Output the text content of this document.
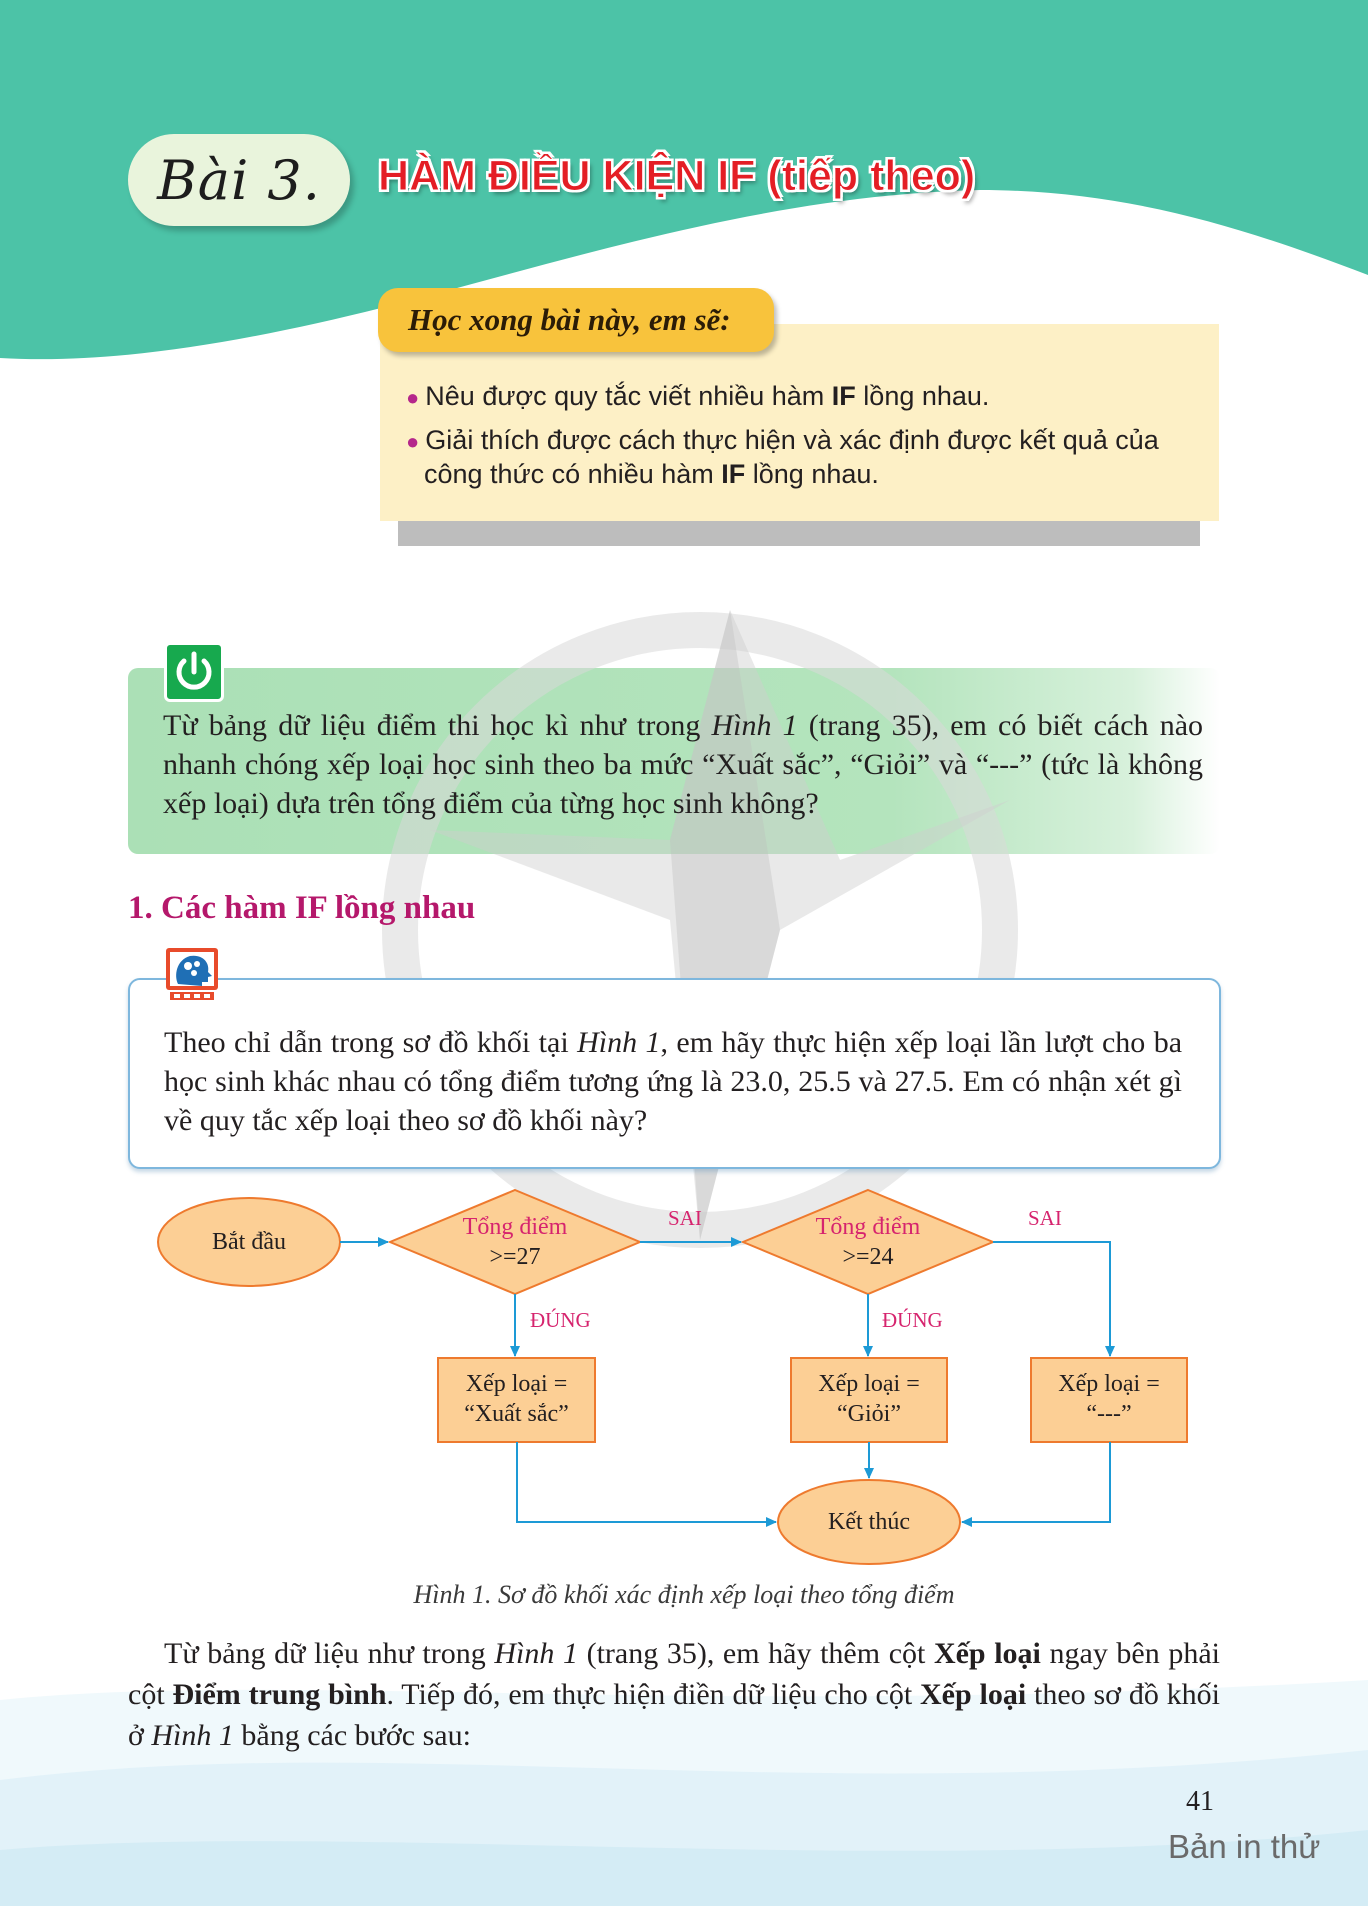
Bài 3. HÀM ĐIỀU KIỆN IF (tiếp theo)
Học xong bài này, em sẽ:
● Nêu được quy tắc viết nhiều hàm IF lồng nhau.
● Giải thích được cách thực hiện và xác định được kết quả của công thức có nhiều hàm IF lồng nhau.
Từ bảng dữ liệu điểm thi học kì như trong Hình 1 (trang 35), em có biết cách nào nhanh chóng xếp loại học sinh theo ba mức “Xuất sắc”, “Giỏi” và “---” (tức là không xếp loại) dựa trên tổng điểm của từng học sinh không?
1. Các hàm IF lồng nhau
Theo chỉ dẫn trong sơ đồ khối tại Hình 1, em hãy thực hiện xếp loại lần lượt cho ba học sinh khác nhau có tổng điểm tương ứng là 23.0, 25.5 và 27.5. Em có nhận xét gì về quy tắc xếp loại theo sơ đồ khối này?
Bắt đầu
Tổng điểm
>=27
Tổng điểm
>=24
SAI	SAI
ĐÚNG	ĐÚNG
Xếp loại =
“Xuất sắc”
Xếp loại =
“Giỏi”
Xếp loại =
“---”
Kết thúc
Hình 1. Sơ đồ khối xác định xếp loại theo tổng điểm
Từ bảng dữ liệu như trong Hình 1 (trang 35), em hãy thêm cột Xếp loại ngay bên phải cột Điểm trung bình. Tiếp đó, em thực hiện điền dữ liệu cho cột Xếp loại theo sơ đồ khối ở Hình 1 bằng các bước sau:
41
Bản in thử
